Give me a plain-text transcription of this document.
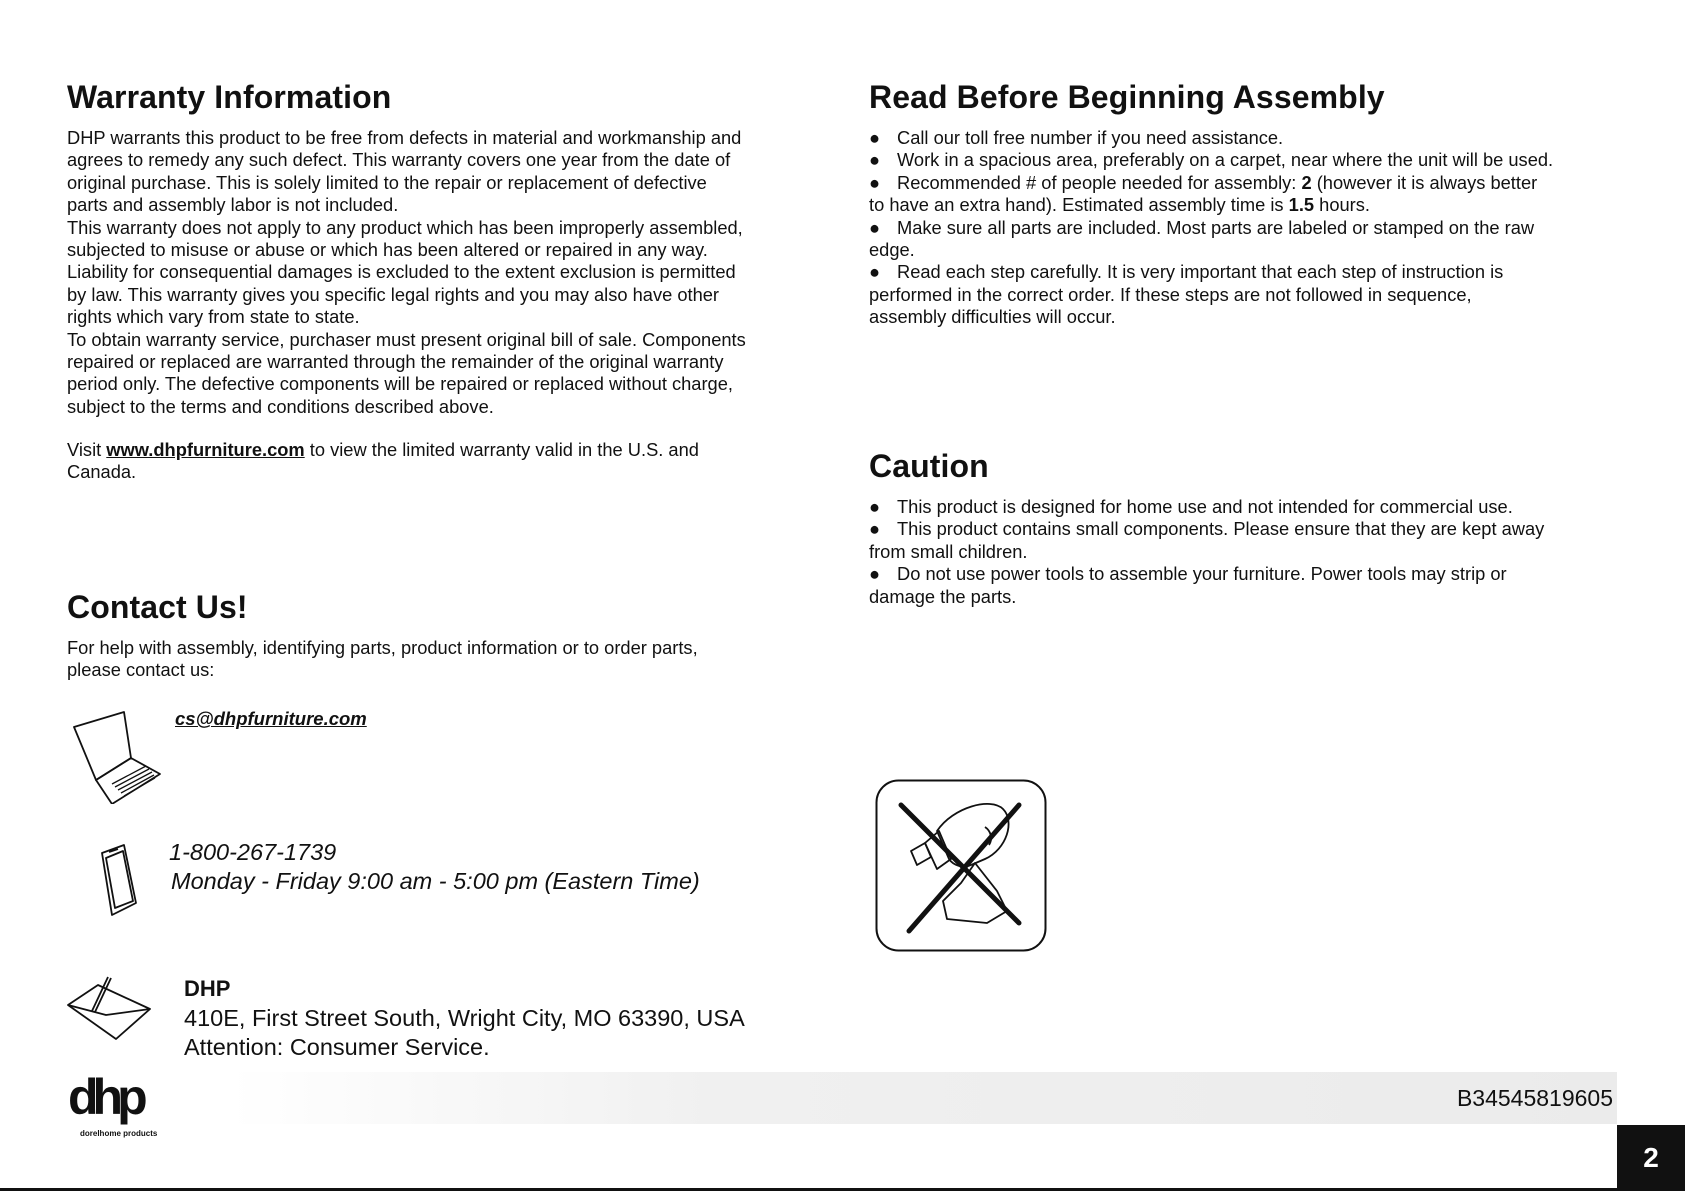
Warranty Information

DHP warrants this product to be free from defects in material and workmanship and

agrees to remedy any such defect. This warranty covers one year from the date of

original purchase. This is solely limited to the repair or replacement of defective

parts and assembly labor is not included.

This warranty does not apply to any product which has been improperly assembled,

subjected to misuse or abuse or which has been altered or repaired in any way.

Liability for consequential damages is excluded to the extent exclusion is permitted

by law. This warranty gives you specific legal rights and you may also have other

rights which vary from state to state.

To obtain warranty service, purchaser must present original bill of sale. Components

repaired or replaced are warranted through the remainder of the original warranty

period only. The defective components will be repaired or replaced without charge,

subject to the terms and conditions described above.

Visit www.dhpfurniture.com to view the limited warranty valid in the U.S. and

Canada.

Contact Us!

For help with assembly, identifying parts, product information or to order parts,

please contact us:

cs@dhpfurniture.com
1-800-267-1739
Monday - Friday 9:00 am - 5:00 pm (Eastern Time)
DHP
410E, First Street South, Wright City, MO 63390, USA
Attention: Consumer Service.
Read Before Beginning Assembly

● Call our toll free number if you need assistance.

● Work in a spacious area, preferably on a carpet, near where the unit will be used.

● Recommended # of people needed for assembly: 2 (however it is always better

to have an extra hand). Estimated assembly time is 1.5 hours.

● Make sure all parts are included. Most parts are labeled or stamped on the raw

edge.

● Read each step carefully. It is very important that each step of instruction is

performed in the correct order. If these steps are not followed in sequence,

assembly difficulties will occur.

Caution

● This product is designed for home use and not intended for commercial use.

● This product contains small components. Please ensure that they are kept away

from small children.

● Do not use power tools to assemble your furniture. Power tools may strip or

damage the parts.

dhp
dorelhome products
B34545819605
2
